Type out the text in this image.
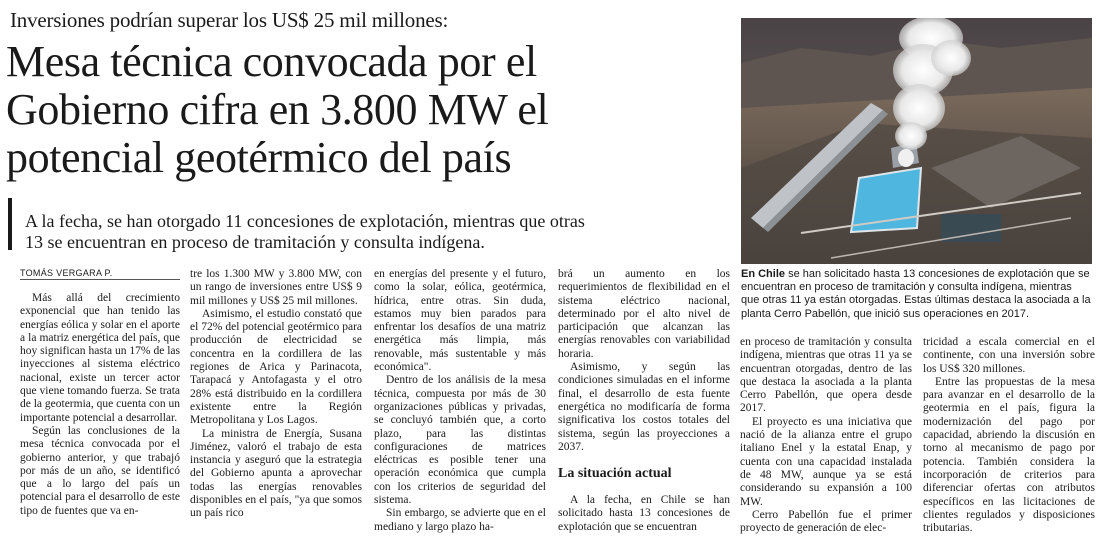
Inversiones podrían superar los US$ 25 mil millones:
Mesa técnica convocada por el
Gobierno cifra en 3.800 MW el
potencial geotérmico del país
A la fecha, se han otorgado 11 concesiones de explotación, mientras que otras
13 se encuentran en proceso de tramitación y consulta indígena.
En Chile se han solicitado hasta 13 concesiones de explotación que se encuentran en proceso de tramitación y consulta indígena, mientras que otras 11 ya están otorgadas. Estas últimas destaca la asociada a la planta Cerro Pabellón, que inició sus operaciones en 2017.
TOMÁS VERGARA P.

Más allá del crecimiento exponencial que han tenido las energías eólica y solar en el aporte a la matriz energética del país, que hoy significan hasta un 17% de las inyecciones al sistema eléctrico nacional, existe un tercer actor que viene tomando fuerza. Se trata de la geotermia, que cuenta con un importante potencial a desarrollar.

Según las conclusiones de la mesa técnica convocada por el gobierno anterior, y que trabajó por más de un año, se identificó que a lo largo del país un potencial para el desarrollo de este tipo de fuentes que va en-

tre los 1.300 MW y 3.800 MW, con un rango de inversiones entre US$ 9 mil millones y US$ 25 mil millones.

Asimismo, el estudio constató que el 72% del potencial geotérmico para producción de electricidad se concentra en la cordillera de las regiones de Arica y Parinacota, Tarapacá y Antofagasta y el otro 28% está distribuido en la cordillera existente entre la Región Metropolitana y Los Lagos.

La ministra de Energía, Susana Jiménez, valoró el trabajo de esta instancia y aseguró que la estrategia del Gobierno apunta a aprovechar todas las energías renovables disponibles en el país, "ya que somos un país rico

en energías del presente y el futuro, como la solar, eólica, geotérmica, hídrica, entre otras. Sin duda, estamos muy bien parados para enfrentar los desafíos de una matriz energética más limpia, más renovable, más sustentable y más económica".

Dentro de los análisis de la mesa técnica, compuesta por más de 30 organizaciones públicas y privadas, se concluyó también que, a corto plazo, para las distintas configuraciones de matrices eléctricas es posible tener una operación económica que cumpla con los criterios de seguridad del sistema.

Sin embargo, se advierte que en el mediano y largo plazo ha-

brá un aumento en los requerimientos de flexibilidad en el sistema eléctrico nacional, determinado por el alto nivel de participación que alcanzan las energías renovables con variabilidad horaria.

Asimismo, y según las condiciones simuladas en el informe final, el desarrollo de esta fuente energética no modificaría de forma significativa los costos totales del sistema, según las proyecciones a 2037.

La situación actual

A la fecha, en Chile se han solicitado hasta 13 concesiones de explotación que se encuentran

en proceso de tramitación y consulta indígena, mientras que otras 11 ya se encuentran otorgadas, dentro de las que destaca la asociada a la planta Cerro Pabellón, que opera desde 2017.

El proyecto es una iniciativa que nació de la alianza entre el grupo italiano Enel y la estatal Enap, y cuenta con una capacidad instalada de 48 MW, aunque ya se está considerando su expansión a 100 MW.

Cerro Pabellón fue el primer proyecto de generación de elec-

tricidad a escala comercial en el continente, con una inversión sobre los US$ 320 millones.

Entre las propuestas de la mesa para avanzar en el desarrollo de la geotermia en el país, figura la modernización del pago por capacidad, abriendo la discusión en torno al mecanismo de pago por potencia. También considera la incorporación de criterios para diferenciar ofertas con atributos específicos en las licitaciones de clientes regulados y disposiciones tributarias.
